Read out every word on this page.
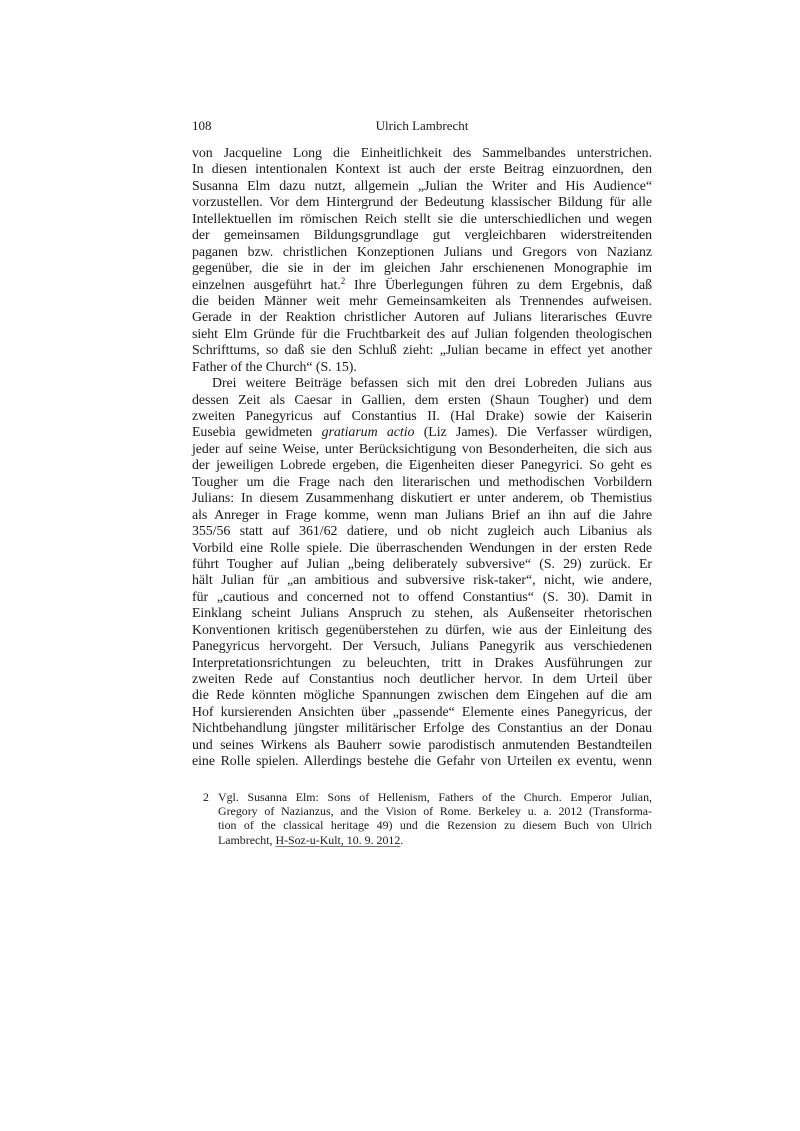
108	Ulrich Lambrecht
von Jacqueline Long die Einheitlichkeit des Sammelbandes unterstrichen.
In diesen intentionalen Kontext ist auch der erste Beitrag einzuordnen, den
Susanna Elm dazu nutzt, allgemein „Julian the Writer and His Audience“
vorzustellen. Vor dem Hintergrund der Bedeutung klassischer Bildung für alle
Intellektuellen im römischen Reich stellt sie die unterschiedlichen und wegen
der gemeinsamen Bildungsgrundlage gut vergleichbaren widerstreitenden
paganen bzw. christlichen Konzeptionen Julians und Gregors von Nazianz
gegenüber, die sie in der im gleichen Jahr erschienenen Monographie im
einzelnen ausgeführt hat.$^2$ Ihre Überlegungen führen zu dem Ergebnis, daß
die beiden Männer weit mehr Gemeinsamkeiten als Trennendes aufweisen.
Gerade in der Reaktion christlicher Autoren auf Julians literarisches Œuvre
sieht Elm Gründe für die Fruchtbarkeit des auf Julian folgenden theologischen
Schrifttums, so daß sie den Schluß zieht: „Julian became in effect yet another
Father of the Church“ (S. 15).
Drei weitere Beiträge befassen sich mit den drei Lobreden Julians aus
dessen Zeit als Caesar in Gallien, dem ersten (Shaun Tougher) und dem
zweiten Panegyricus auf Constantius II. (Hal Drake) sowie der Kaiserin
Eusebia gewidmeten gratiarum actio (Liz James). Die Verfasser würdigen,
jeder auf seine Weise, unter Berücksichtigung von Besonderheiten, die sich aus
der jeweiligen Lobrede ergeben, die Eigenheiten dieser Panegyrici. So geht es
Tougher um die Frage nach den literarischen und methodischen Vorbildern
Julians: In diesem Zusammenhang diskutiert er unter anderem, ob Themistius
als Anreger in Frage komme, wenn man Julians Brief an ihn auf die Jahre
355/56 statt auf 361/62 datiere, und ob nicht zugleich auch Libanius als
Vorbild eine Rolle spiele. Die überraschenden Wendungen in der ersten Rede
führt Tougher auf Julian „being deliberately subversive“ (S. 29) zurück. Er
hält Julian für „an ambitious and subversive risk-taker“, nicht, wie andere,
für „cautious and concerned not to offend Constantius“ (S. 30). Damit in
Einklang scheint Julians Anspruch zu stehen, als Außenseiter rhetorischen
Konventionen kritisch gegenüberstehen zu dürfen, wie aus der Einleitung des
Panegyricus hervorgeht. Der Versuch, Julians Panegyrik aus verschiedenen
Interpretationsrichtungen zu beleuchten, tritt in Drakes Ausführungen zur
zweiten Rede auf Constantius noch deutlicher hervor. In dem Urteil über
die Rede könnten mögliche Spannungen zwischen dem Eingehen auf die am
Hof kursierenden Ansichten über „passende“ Elemente eines Panegyricus, der
Nichtbehandlung jüngster militärischer Erfolge des Constantius an der Donau
und seines Wirkens als Bauherr sowie parodistisch anmutenden Bestandteilen
eine Rolle spielen. Allerdings bestehe die Gefahr von Urteilen ex eventu, wenn
2 Vgl. Susanna Elm: Sons of Hellenism, Fathers of the Church. Emperor Julian,
Gregory of Nazianzus, and the Vision of Rome. Berkeley u. a. 2012 (Transforma-
tion of the classical heritage 49) und die Rezension zu diesem Buch von Ulrich
Lambrecht, H-Soz-u-Kult, 10. 9. 2012.
